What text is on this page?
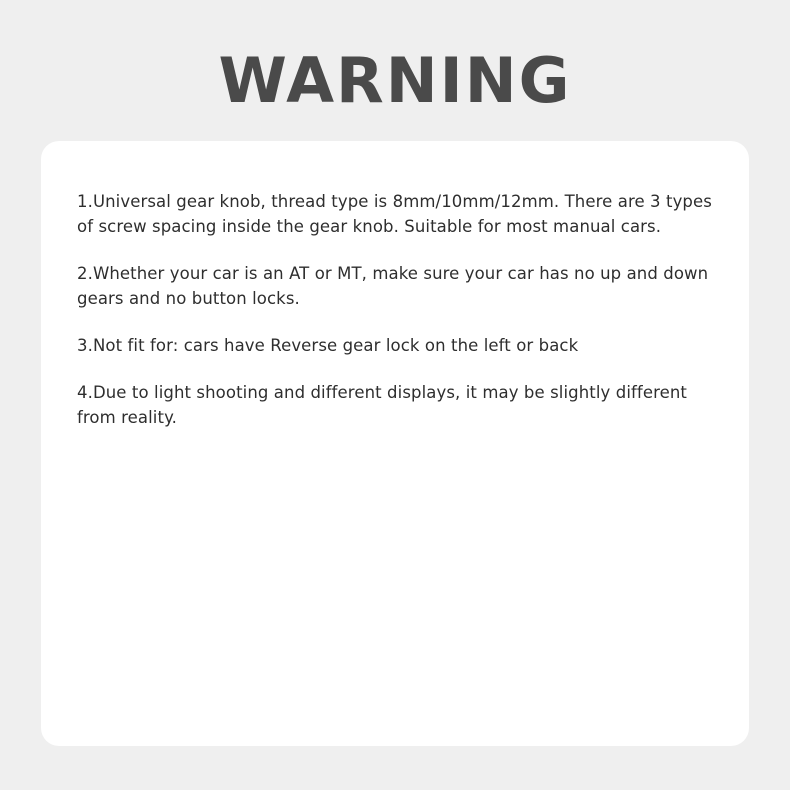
WARNING
1.Universal gear knob, thread type is 8mm/10mm/12mm. There are 3 types of screw spacing inside the gear knob. Suitable for most manual cars.
2.Whether your car is an AT or MT, make sure your car has no up and down gears and no button locks.
3.Not fit for: cars have Reverse gear lock on the left or back
4.Due to light shooting and different displays, it may be slightly different from reality.
